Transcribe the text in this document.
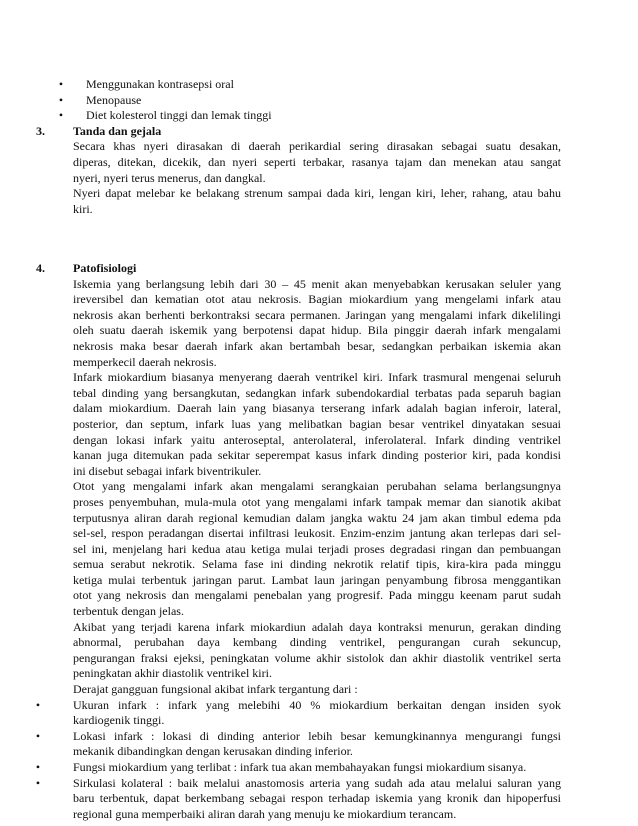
• Menggunakan kontrasepsi oral
• Menopause
• Diet kolesterol tinggi dan lemak tinggi
3. Tanda dan gejala

Secara khas nyeri dirasakan di daerah perikardial sering dirasakan sebagai suatu desakan,
diperas, ditekan, dicekik, dan nyeri seperti terbakar, rasanya tajam dan menekan atau sangat
nyeri, nyeri terus menerus, dan dangkal.
Nyeri dapat melebar ke belakang strenum sampai dada kiri, lengan kiri, leher, rahang, atau bahu
kiri.

4. Patofisiologi

Iskemia yang berlangsung lebih dari 30 – 45 menit akan menyebabkan kerusakan seluler yang
ireversibel dan kematian otot atau nekrosis. Bagian miokardium yang mengelami infark atau
nekrosis akan berhenti berkontraksi secara permanen. Jaringan yang mengalami infark dikelilingi
oleh suatu daerah iskemik yang berpotensi dapat hidup. Bila pinggir daerah infark mengalami
nekrosis maka besar daerah infark akan bertambah besar, sedangkan perbaikan iskemia akan
memperkecil daerah nekrosis.

Infark miokardium biasanya menyerang daerah ventrikel kiri. Infark trasmural mengenai seluruh
tebal dinding yang bersangkutan, sedangkan infark subendokardial terbatas pada separuh bagian
dalam miokardium. Daerah lain yang biasanya terserang infark adalah bagian inferoir, lateral,
posterior, dan septum, infark luas yang melibatkan bagian besar ventrikel dinyatakan sesuai
dengan lokasi infark yaitu anteroseptal, anterolateral, inferolateral. Infark dinding ventrikel
kanan juga ditemukan pada sekitar seperempat kasus infark dinding posterior kiri, pada kondisi
ini disebut sebagai infark biventrikuler.

Otot yang mengalami infark akan mengalami serangkaian perubahan selama berlangsungnya
proses penyembuhan, mula-mula otot yang mengalami infark tampak memar dan sianotik akibat
terputusnya aliran darah regional kemudian dalam jangka waktu 24 jam akan timbul edema pda
sel-sel, respon peradangan disertai infiltrasi leukosit. Enzim-enzim jantung akan terlepas dari sel-
sel ini, menjelang hari kedua atau ketiga mulai terjadi proses degradasi ringan dan pembuangan
semua serabut nekrotik. Selama fase ini dinding nekrotik relatif tipis, kira-kira pada minggu
ketiga mulai terbentuk jaringan parut. Lambat laun jaringan penyambung fibrosa menggantikan
otot yang nekrosis dan mengalami penebalan yang progresif. Pada minggu keenam parut sudah
terbentuk dengan jelas.

Akibat yang terjadi karena infark miokardiun adalah daya kontraksi menurun, gerakan dinding
abnormal, perubahan daya kembang dinding ventrikel, pengurangan curah sekuncup,
pengurangan fraksi ejeksi, peningkatan volume akhir sistolok dan akhir diastolik ventrikel serta
peningkatan akhir diastolik ventrikel kiri.

Derajat gangguan fungsional akibat infark tergantung dari :

•	Ukuran infark : infark yang melebihi 40 % miokardium berkaitan dengan insiden syok
kardiogenik tinggi.
•	Lokasi infark : lokasi di dinding anterior lebih besar kemungkinannya mengurangi fungsi
mekanik dibandingkan dengan kerusakan dinding inferior.
•	Fungsi miokardium yang terlibat : infark tua akan membahayakan fungsi miokardium sisanya.
•	Sirkulasi kolateral : baik melalui anastomosis arteria yang sudah ada atau melalui saluran yang
baru terbentuk, dapat berkembang sebagai respon terhadap iskemia yang kronik dan hipoperfusi
regional guna memperbaiki aliran darah yang menuju ke miokardium terancam.
